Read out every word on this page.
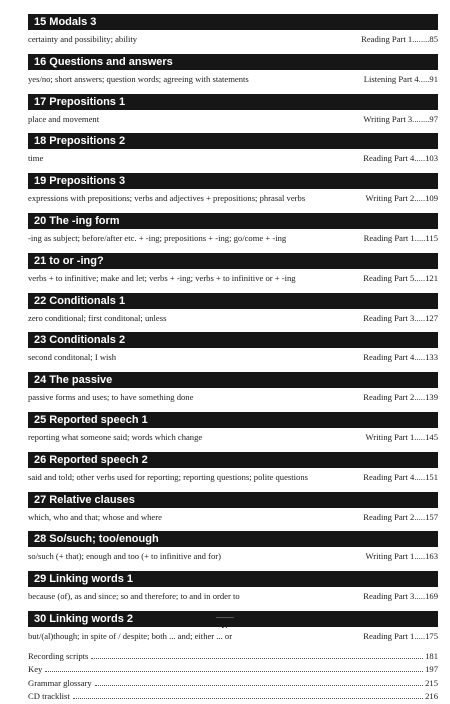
15 Modals 3
certainty and possibility; ability	Reading Part 1 ........ 85
16 Questions and answers
yes/no; short answers; question words; agreeing with statements	Listening Part 4 ..... 91
17 Prepositions 1
place and movement	Writing Part 3 ........ 97
18 Prepositions 2
time	Reading Part 4 ..... 103
19 Prepositions 3
expressions with prepositions; verbs and adjectives + prepositions; phrasal verbs	Writing Part 2 ..... 109
20 The -ing form
-ing as subject; before/after etc. + -ing; prepositions + -ing; go/come + -ing	Reading Part 1 ..... 115
21 to or -ing?
verbs + to infinitive; make and let; verbs + -ing; verbs + to infinitive or + -ing	Reading Part 5 ..... 121
22 Conditionals 1
zero conditional; first conditonal; unless	Reading Part 3 ..... 127
23 Conditionals 2
second conditonal; I wish	Reading Part 4 ..... 133
24 The passive
passive forms and uses; to have something done	Reading Part 2 ..... 139
25 Reported speech 1
reporting what someone said; words which change	Writing Part 1 ..... 145
26 Reported speech 2
said and told; other verbs used for reporting; reporting questions; polite questions	Reading Part 4 ..... 151
27 Relative clauses
which, who and that; whose and where	Reading Part 2 ..... 157
28 So/such; too/enough
so/such (+ that); enough and too (+ to infinitive and for)	Writing Part 1 ..... 163
29 Linking words 1
because (of), as and since; so and therefore; to and in order to	Reading Part 3 ..... 169
30 Linking words 2
but/(al)though; in spite of / despite; both ... and; either ... or	Reading Part 1 ..... 175
Recording scripts	181
Key	197
Grammar glossary	215
CD tracklist	216
iv
